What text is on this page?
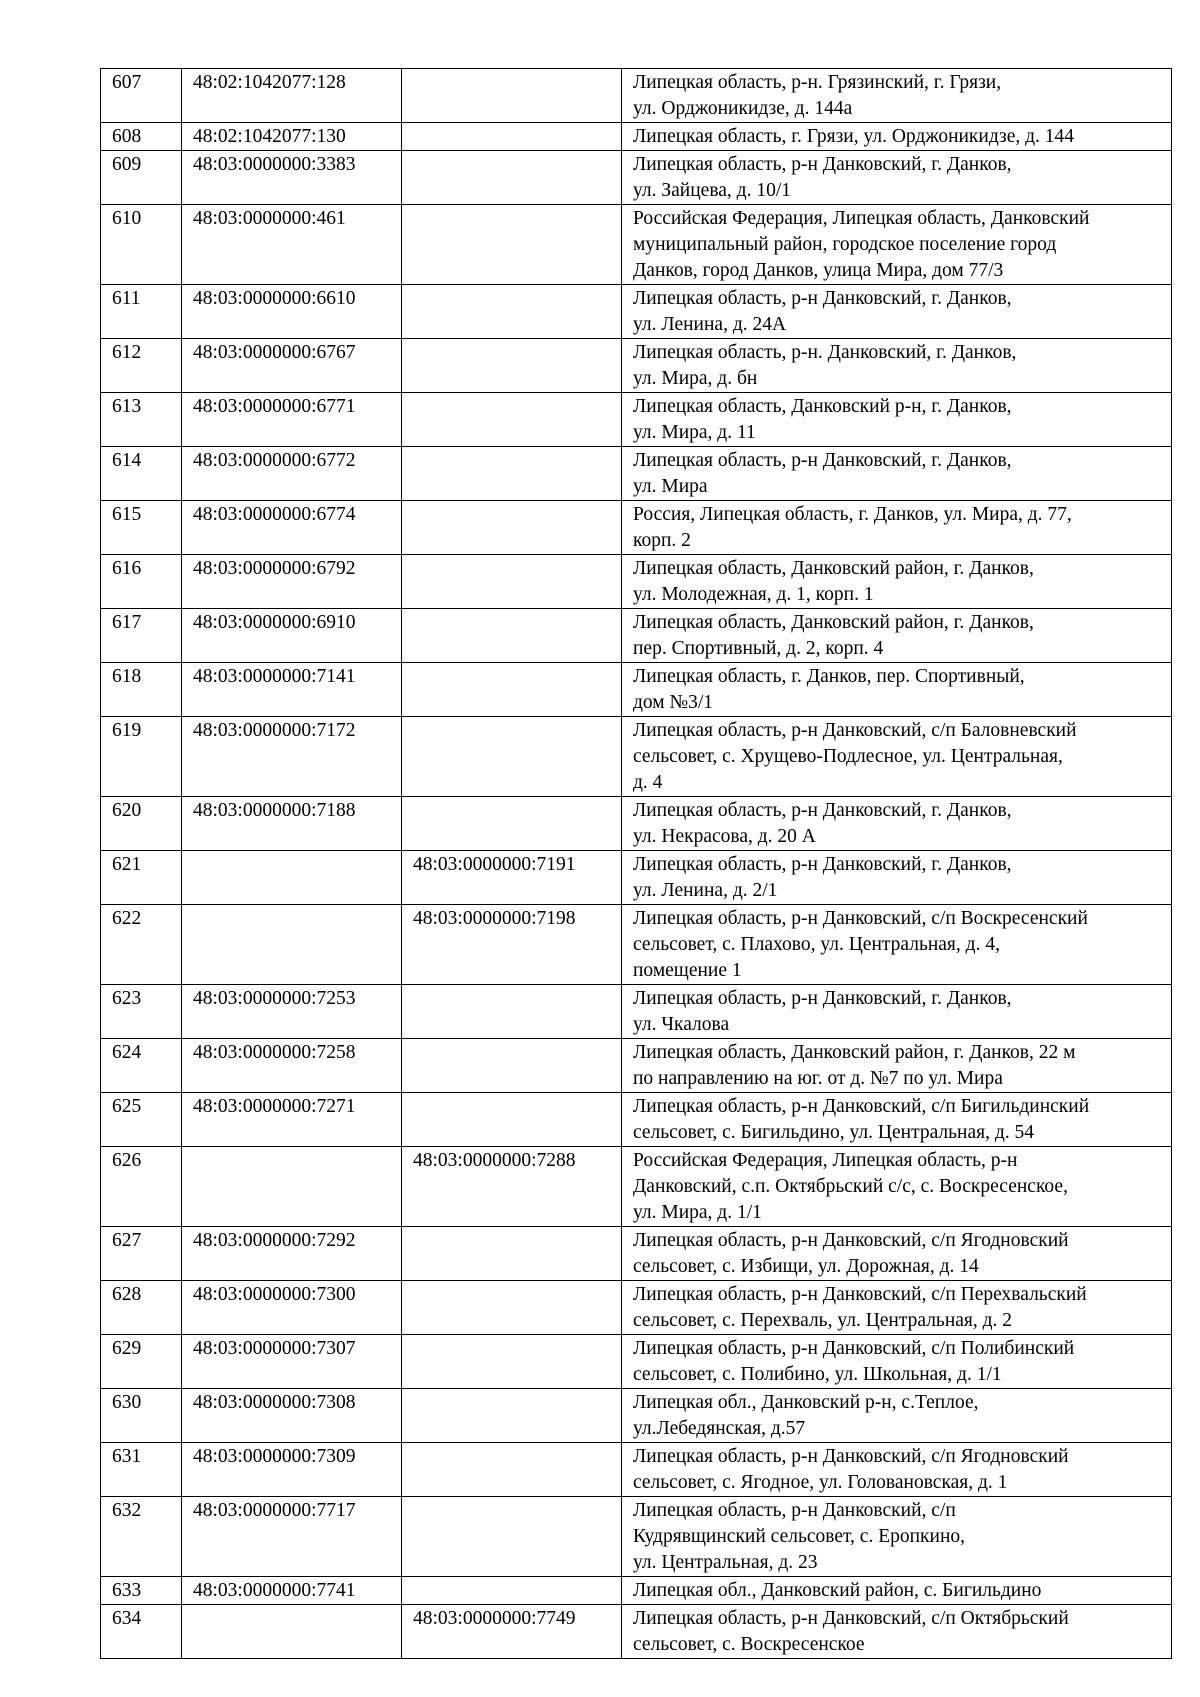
607	48:02:1042077:128		Липецкая область, р-н. Грязинский, г. Грязи,
ул. Орджоникидзе, д. 144а
608	48:02:1042077:130		Липецкая область, г. Грязи, ул. Орджоникидзе, д. 144
609	48:03:0000000:3383		Липецкая область, р-н Данковский, г. Данков,
ул. Зайцева, д. 10/1
610	48:03:0000000:461		Российская Федерация, Липецкая область, Данковский
муниципальный район, городское поселение город
Данков, город Данков, улица Мира, дом 77/3
611	48:03:0000000:6610		Липецкая область, р-н Данковский, г. Данков,
ул. Ленина, д. 24А
612	48:03:0000000:6767		Липецкая область, р-н. Данковский, г. Данков,
ул. Мира, д. бн
613	48:03:0000000:6771		Липецкая область, Данковский р-н, г. Данков,
ул. Мира, д. 11
614	48:03:0000000:6772		Липецкая область, р-н Данковский, г. Данков,
ул. Мира
615	48:03:0000000:6774		Россия, Липецкая область, г. Данков, ул. Мира, д. 77,
корп. 2
616	48:03:0000000:6792		Липецкая область, Данковский район, г. Данков,
ул. Молодежная, д. 1, корп. 1
617	48:03:0000000:6910		Липецкая область, Данковский район, г. Данков,
пер. Спортивный, д. 2, корп. 4
618	48:03:0000000:7141		Липецкая область, г. Данков, пер. Спортивный,
дом №3/1
619	48:03:0000000:7172		Липецкая область, р-н Данковский, с/п Баловневский
сельсовет, с. Хрущево-Подлесное, ул. Центральная,
д. 4
620	48:03:0000000:7188		Липецкая область, р-н Данковский, г. Данков,
ул. Некрасова, д. 20 А
621		48:03:0000000:7191	Липецкая область, р-н Данковский, г. Данков,
ул. Ленина, д. 2/1
622		48:03:0000000:7198	Липецкая область, р-н Данковский, с/п Воскресенский
сельсовет, с. Плахово, ул. Центральная, д. 4,
помещение 1
623	48:03:0000000:7253		Липецкая область, р-н Данковский, г. Данков,
ул. Чкалова
624	48:03:0000000:7258		Липецкая область, Данковский район, г. Данков, 22 м
по направлению на юг. от д. №7 по ул. Мира
625	48:03:0000000:7271		Липецкая область, р-н Данковский, с/п Бигильдинский
сельсовет, с. Бигильдино, ул. Центральная, д. 54
626		48:03:0000000:7288	Российская Федерация, Липецкая область, р-н
Данковский, с.п. Октябрьский с/с, с. Воскресенское,
ул. Мира, д. 1/1
627	48:03:0000000:7292		Липецкая область, р-н Данковский, с/п Ягодновский
сельсовет, с. Избищи, ул. Дорожная, д. 14
628	48:03:0000000:7300		Липецкая область, р-н Данковский, с/п Перехвальский
сельсовет, с. Перехваль, ул. Центральная, д. 2
629	48:03:0000000:7307		Липецкая область, р-н Данковский, с/п Полибинский
сельсовет, с. Полибино, ул. Школьная, д. 1/1
630	48:03:0000000:7308		Липецкая обл., Данковский р-н, с.Теплое,
ул.Лебедянская, д.57
631	48:03:0000000:7309		Липецкая область, р-н Данковский, с/п Ягодновский
сельсовет, с. Ягодное, ул. Головановская, д. 1
632	48:03:0000000:7717		Липецкая область, р-н Данковский, с/п
Кудрявщинский сельсовет, с. Еропкино,
ул. Центральная, д. 23
633	48:03:0000000:7741		Липецкая обл., Данковский район, с. Бигильдино
634		48:03:0000000:7749	Липецкая область, р-н Данковский, с/п Октябрьский
сельсовет, с. Воскресенское
